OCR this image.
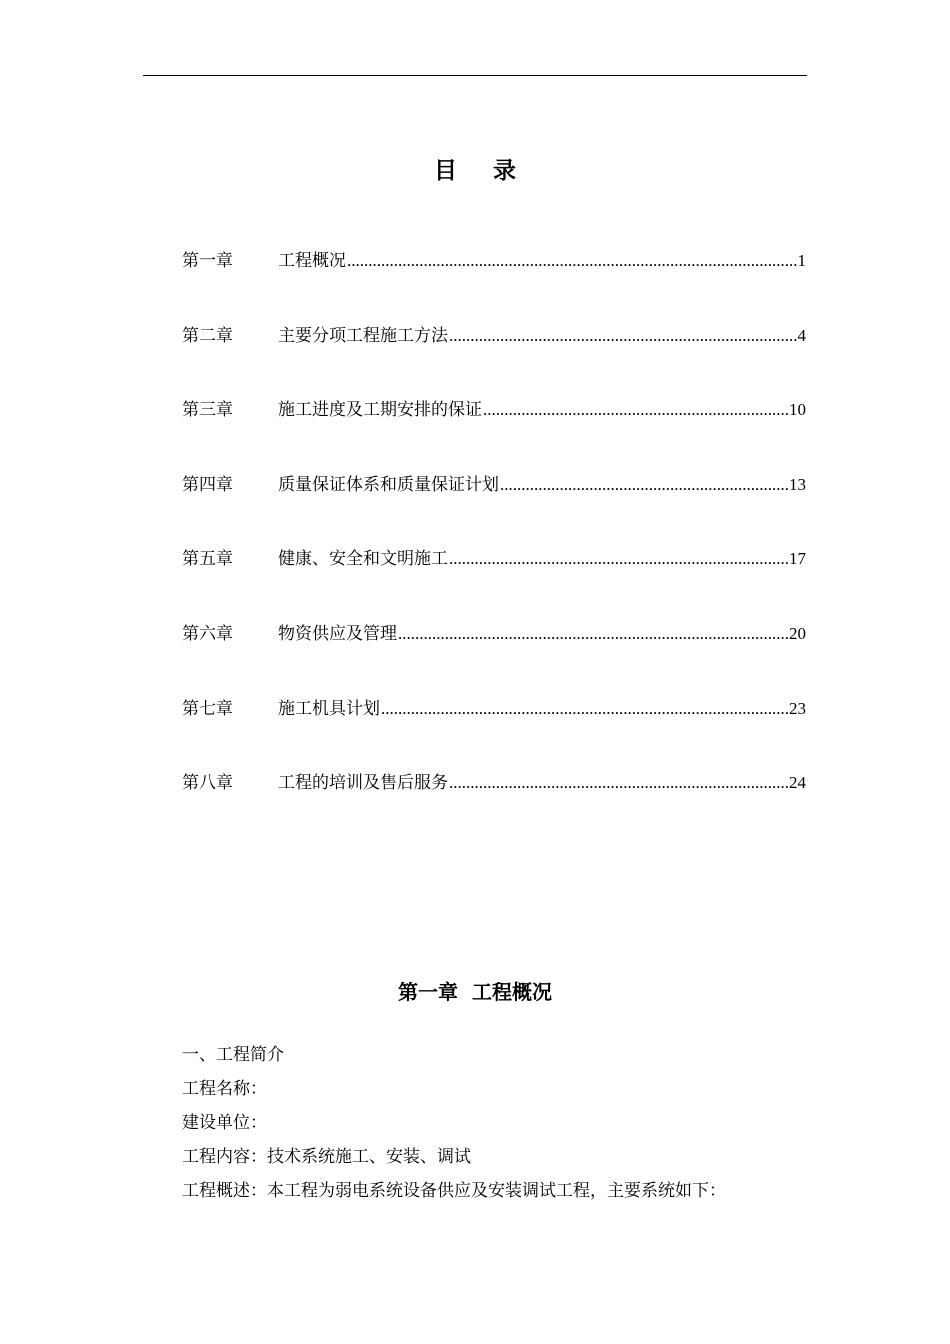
目 录
第一章	工程概况 .....	1
第二章	主要分项工程施工方法 .....	4
第三章	施工进度及工期安排的保证 .....	10
第四章	质量保证体系和质量保证计划 .....	13
第五章	健康、安全和文明施工 .....	17
第六章	物资供应及管理 .....	20
第七章	施工机具计划 .....	23
第八章	工程的培训及售后服务 .....	24
第一章  工程概况
一、工程简介
工程名称：
建设单位：
工程内容：技术系统施工、安装、调试
工程概述：本工程为弱电系统设备供应及安装调试工程，主要系统如下：
